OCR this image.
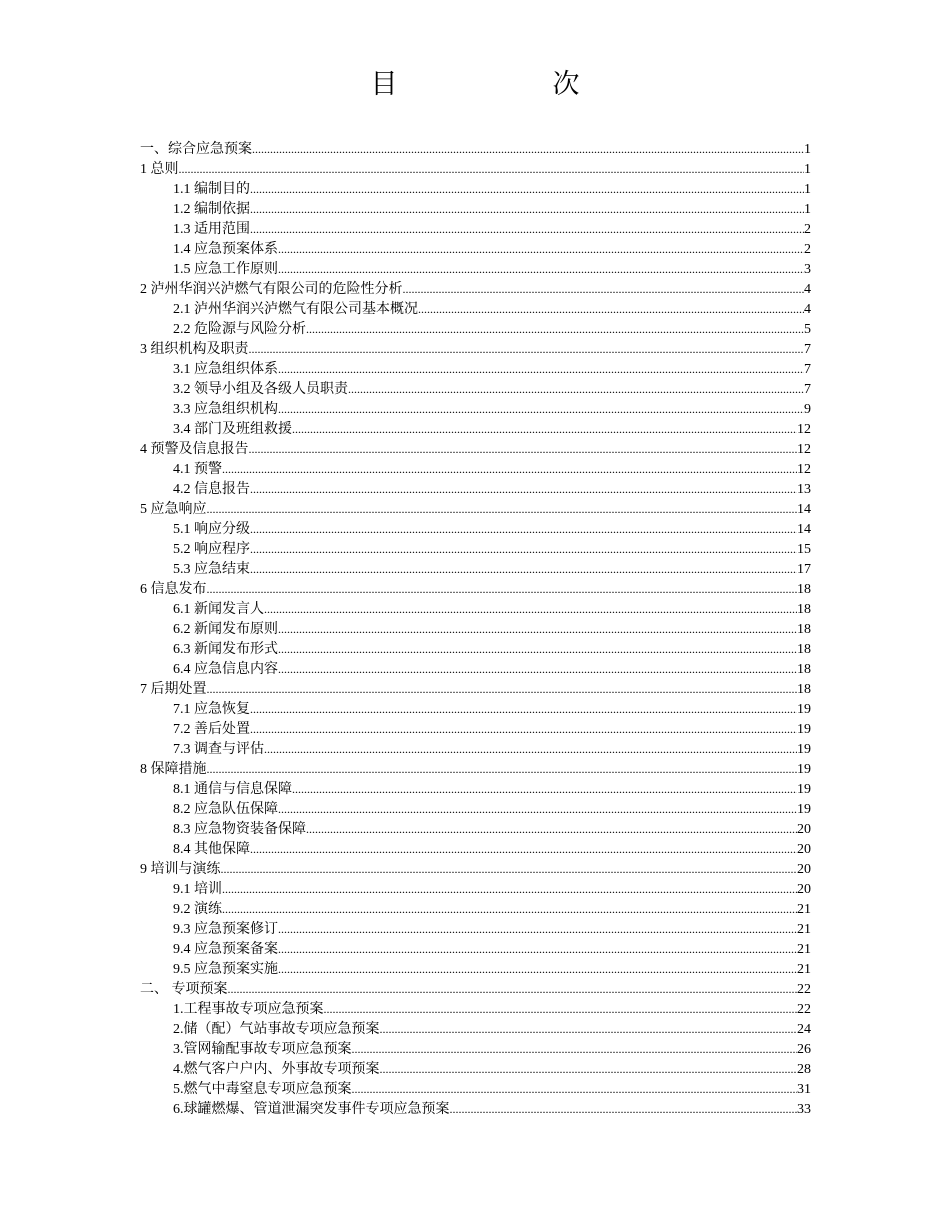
目　次
一、综合应急预案 .....	1
1 总则 .....	1
1.1 编制目的 .....	1
1.2 编制依据 .....	1
1.3 适用范围 .....	2
1.4 应急预案体系 .....	2
1.5 应急工作原则 .....	3
2 泸州华润兴泸燃气有限公司的危险性分析 .....	4
2.1 泸州华润兴泸燃气有限公司基本概况 .....	4
2.2 危险源与风险分析 .....	5
3 组织机构及职责 .....	7
3.1 应急组织体系 .....	7
3.2 领导小组及各级人员职责 .....	7
3.3 应急组织机构 .....	9
3.4 部门及班组救援 .....	12
4 预警及信息报告 .....	12
4.1 预警 .....	12
4.2 信息报告 .....	13
5 应急响应 .....	14
5.1 响应分级 .....	14
5.2 响应程序 .....	15
5.3 应急结束 .....	17
6 信息发布 .....	18
6.1 新闻发言人 .....	18
6.2 新闻发布原则 .....	18
6.3 新闻发布形式 .....	18
6.4 应急信息内容 .....	18
7 后期处置 .....	18
7.1 应急恢复 .....	19
7.2 善后处置 .....	19
7.3 调查与评估 .....	19
8 保障措施 .....	19
8.1 通信与信息保障 .....	19
8.2 应急队伍保障 .....	19
8.3 应急物资装备保障 .....	20
8.4 其他保障 .....	20
9 培训与演练 .....	20
9.1 培训 .....	20
9.2 演练 .....	21
9.3 应急预案修订 .....	21
9.4 应急预案备案 .....	21
9.5 应急预案实施 .....	21
二、 专项预案 .....	22
1.工程事故专项应急预案 .....	22
2.储（配）气站事故专项应急预案 .....	24
3.管网输配事故专项应急预案 .....	26
4.燃气客户户内、外事故专项预案 .....	28
5.燃气中毒窒息专项应急预案 .....	31
6.球罐燃爆、管道泄漏突发事件专项应急预案 .....	33
